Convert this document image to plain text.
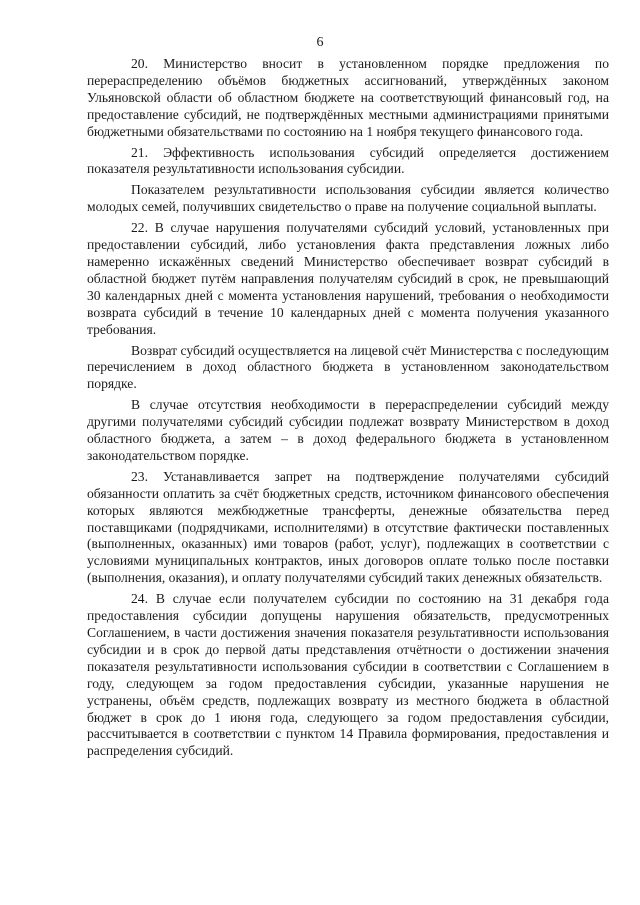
6

20. Министерство вносит в установленном порядке предложения по перераспределению объёмов бюджетных ассигнований, утверждённых законом Ульяновской области об областном бюджете на соответствующий финансовый год, на предоставление субсидий, не подтверждённых местными администрациями принятыми бюджетными обязательствами по состоянию на 1 ноября текущего финансового года.

21. Эффективность использования субсидий определяется достижением показателя результативности использования субсидии.

Показателем результативности использования субсидии является количество молодых семей, получивших свидетельство о праве на получение социальной выплаты.

22. В случае нарушения получателями субсидий условий, установленных при предоставлении субсидий, либо установления факта представления ложных либо намеренно искажённых сведений Министерство обеспечивает возврат субсидий в областной бюджет путём направления получателям субсидий в срок, не превышающий 30 календарных дней с момента установления нарушений, требования о необходимости возврата субсидий в течение 10 календарных дней с момента получения указанного требования.

Возврат субсидий осуществляется на лицевой счёт Министерства с последующим перечислением в доход областного бюджета в установленном законодательством порядке.

В случае отсутствия необходимости в перераспределении субсидий между другими получателями субсидий субсидии подлежат возврату Министерством в доход областного бюджета, а затем – в доход федерального бюджета в установленном законодательством порядке.

23. Устанавливается запрет на подтверждение получателями субсидий обязанности оплатить за счёт бюджетных средств, источником финансового обеспечения которых являются межбюджетные трансферты, денежные обязательства перед поставщиками (подрядчиками, исполнителями) в отсутствие фактически поставленных (выполненных, оказанных) ими товаров (работ, услуг), подлежащих в соответствии с условиями муниципальных контрактов, иных договоров оплате только после поставки (выполнения, оказания), и оплату получателями субсидий таких денежных обязательств.

24. В случае если получателем субсидии по состоянию на 31 декабря года предоставления субсидии допущены нарушения обязательств, предусмотренных Соглашением, в части достижения значения показателя результативности использования субсидии и в срок до первой даты представления отчётности о достижении значения показателя результативности использования субсидии в соответствии с Соглашением в году, следующем за годом предоставления субсидии, указанные нарушения не устранены, объём средств, подлежащих возврату из местного бюджета в областной бюджет в срок до 1 июня года, следующего за годом предоставления субсидии, рассчитывается в соответствии с пунктом 14 Правила формирования, предоставления и распределения субсидий.
